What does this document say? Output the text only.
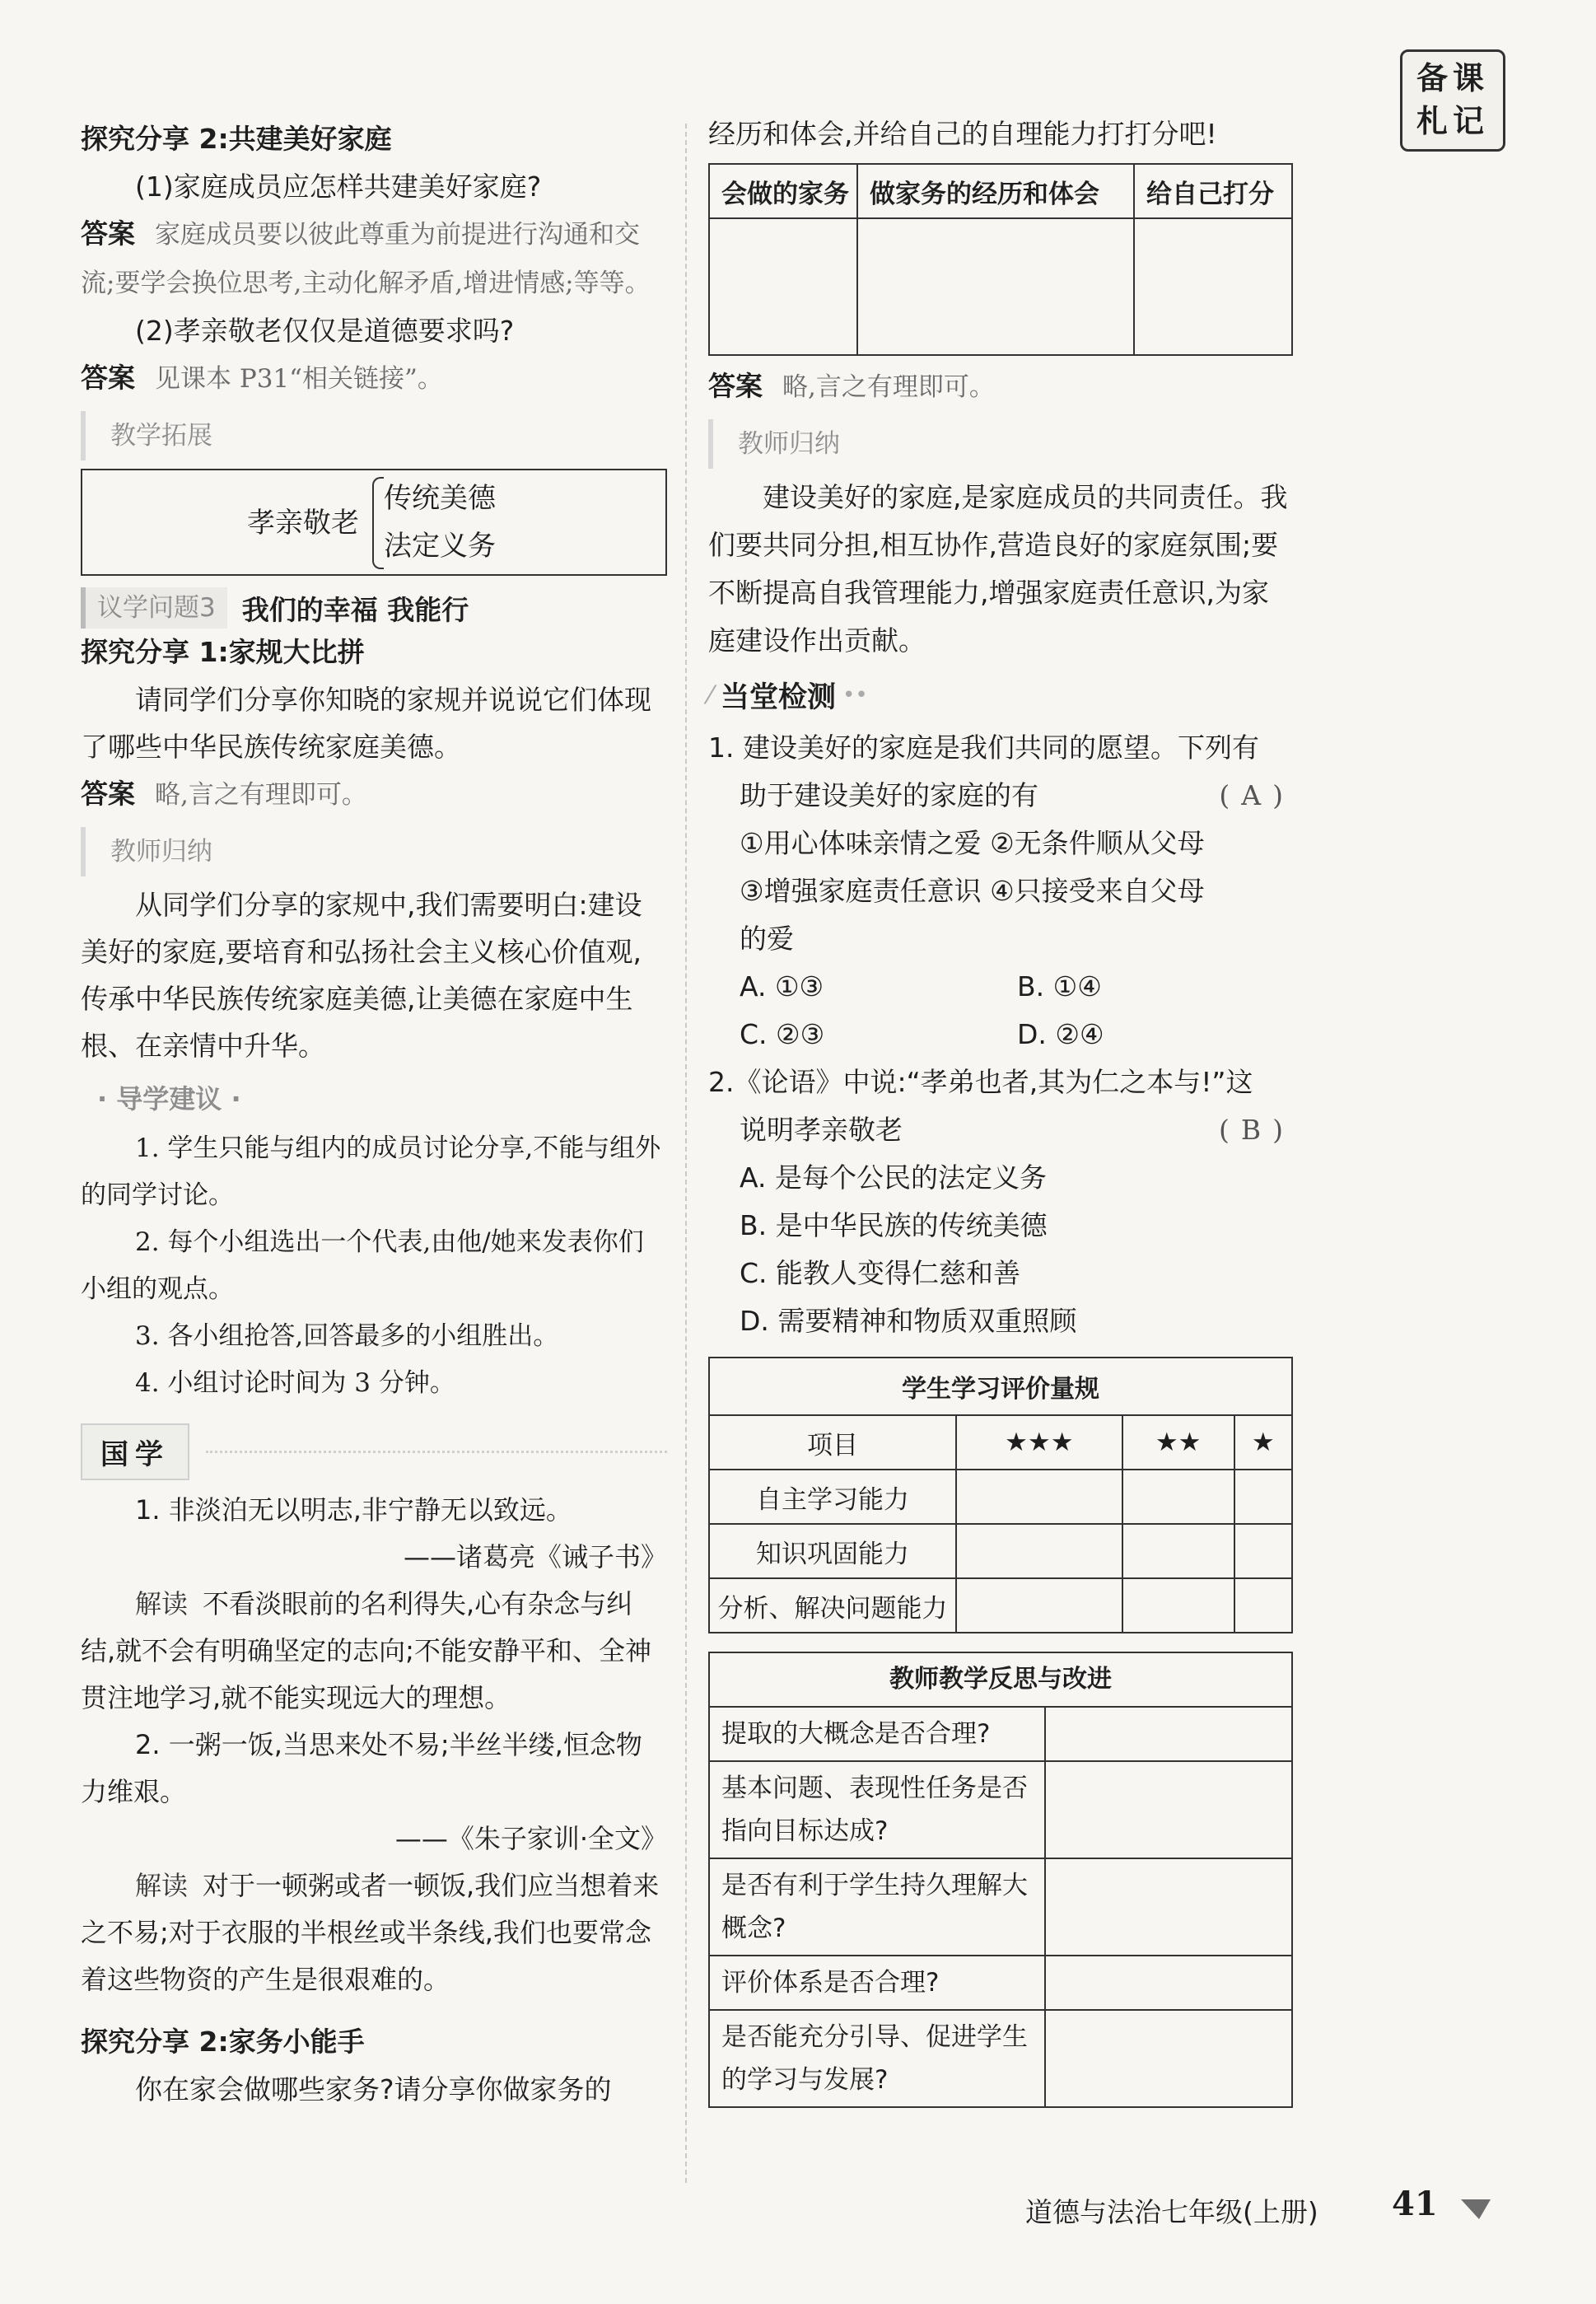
备课
札记
探究分享 2:共建美好家庭

(1)家庭成员应怎样共建美好家庭?

答案 家庭成员要以彼此尊重为前提进行沟通和交流;要学会换位思考,主动化解矛盾,增进情感;等等。

(2)孝亲敬老仅仅是道德要求吗?

答案 见课本 P31“相关链接”。

教学拓展
孝亲敬老
传统美德
法定义务
议学问题3 我们的幸福 我能行
探究分享 1:家规大比拼

请同学们分享你知晓的家规并说说它们体现了哪些中华民族传统家庭美德。

答案 略,言之有理即可。

教师归纳

从同学们分享的家规中,我们需要明白:建设美好的家庭,要培育和弘扬社会主义核心价值观,传承中华民族传统家庭美德,让美德在家庭中生根、在亲情中升华。

· 导学建议 ·

1. 学生只能与组内的成员讨论分享,不能与组外的同学讨论。

2. 每个小组选出一个代表,由他/她来发表你们小组的观点。

3. 各小组抢答,回答最多的小组胜出。

4. 小组讨论时间为 3 分钟。

国学

1. 非淡泊无以明志,非宁静无以致远。

——诸葛亮《诫子书》

解读 不看淡眼前的名利得失,心有杂念与纠结,就不会有明确坚定的志向;不能安静平和、全神贯注地学习,就不能实现远大的理想。

2. 一粥一饭,当思来处不易;半丝半缕,恒念物力维艰。

——《朱子家训·全文》

解读 对于一顿粥或者一顿饭,我们应当想着来之不易;对于衣服的半根丝或半条线,我们也要常念着这些物资的产生是很艰难的。

探究分享 2:家务小能手

你在家会做哪些家务?请分享你做家务的

经历和体会,并给自己的自理能力打打分吧!
会做的家务	做家务的经历和体会	给自己打分

答案 略,言之有理即可。

教师归纳

建设美好的家庭,是家庭成员的共同责任。我们要共同分担,相互协作,营造良好的家庭氛围;要不断提高自我管理能力,增强家庭责任意识,为家庭建设作出贡献。

⁄ 当堂检测 ••

1. 建设美好的家庭是我们共同的愿望。下列有

助于建设美好的家庭的有	(A)

①用心体味亲情之爱 ②无条件顺从父母

③增强家庭责任意识 ④只接受来自父母

的爱

A. ①③	B. ①④
C. ②③	D. ②④

2.《论语》中说:“孝弟也者,其为仁之本与!”这

说明孝亲敬老	(B)

A. 是每个公民的法定义务

B. 是中华民族的传统美德

C. 能教人变得仁慈和善

D. 需要精神和物质双重照顾

学生学习评价量规			
项目	★★★	★★	★
自主学习能力			
知识巩固能力			
分析、解决问题能力			
教师教学反思与改进	
提取的大概念是否合理?	
基本问题、表现性任务是否指向目标达成?	
是否有利于学生持久理解大概念?	
评价体系是否合理?	
是否能充分引导、促进学生的学习与发展?	
道德与法治七年级(上册) 41
